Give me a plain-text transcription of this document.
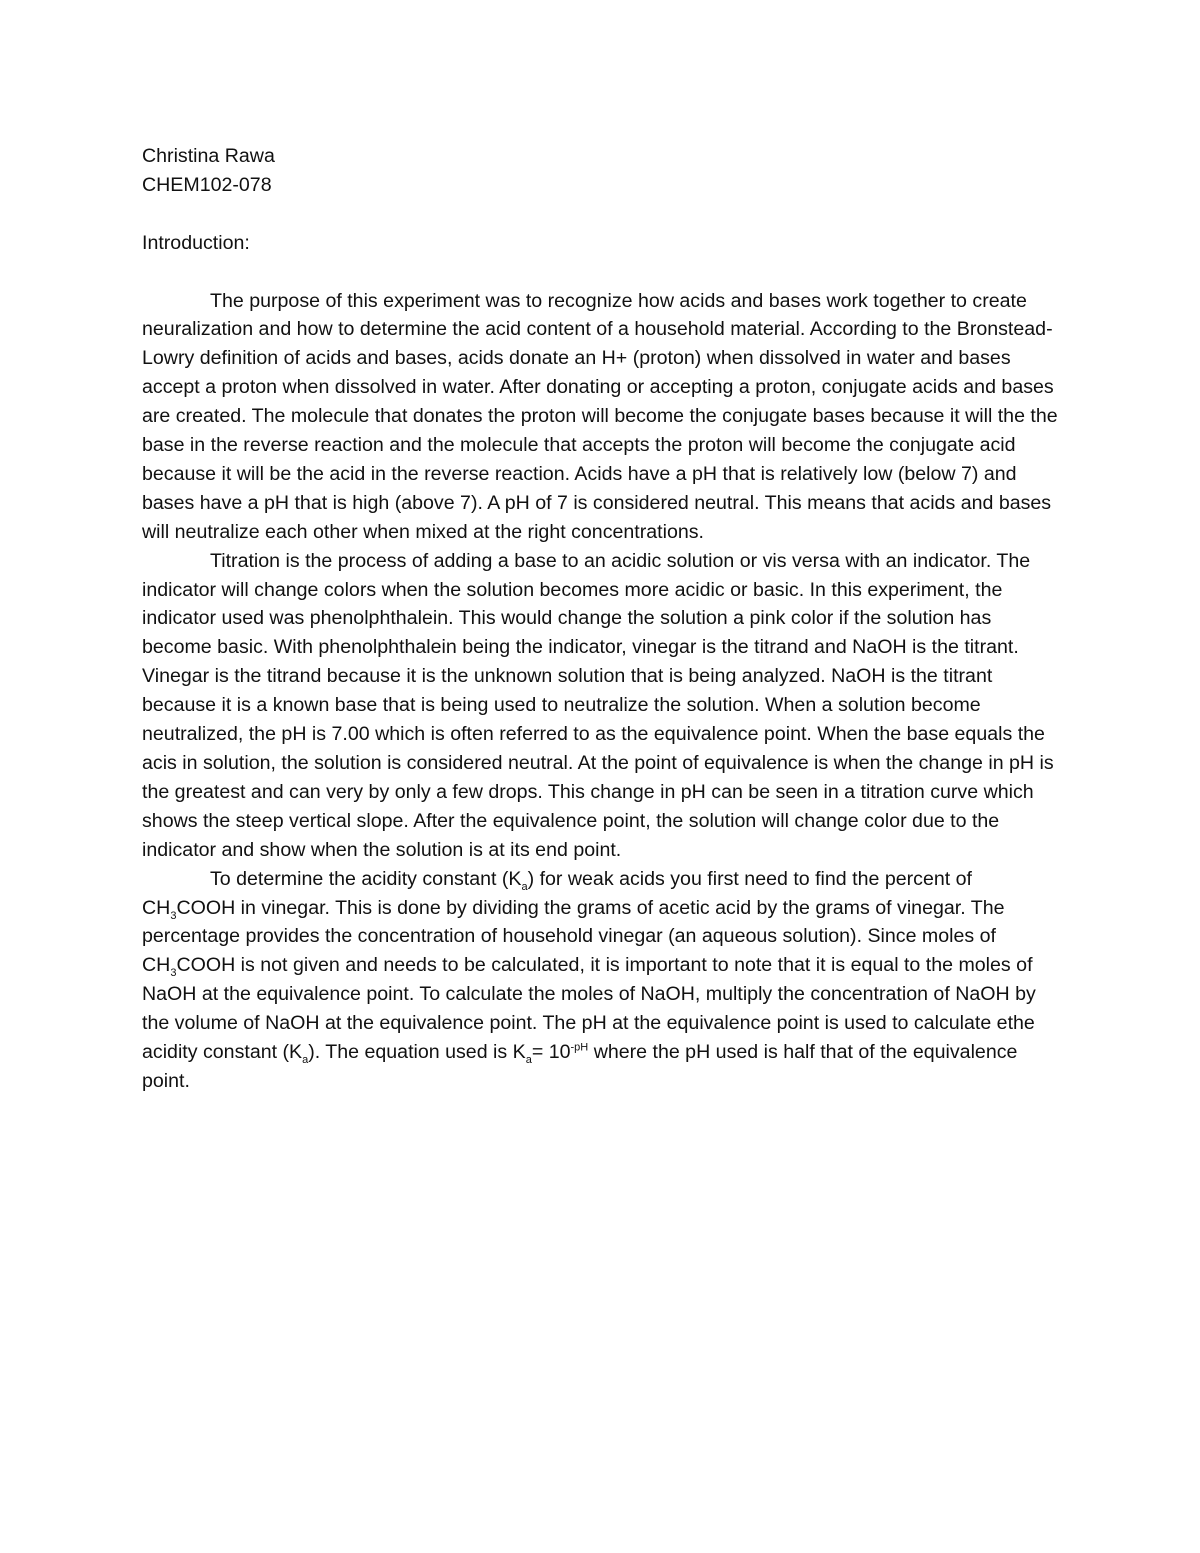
Christina Rawa

CHEM102-078

Introduction:

The purpose of this experiment was to recognize how acids and bases work together to create neuralization and how to determine the acid content of a household material. According to the Bronstead-Lowry definition of acids and bases, acids donate an H+ (proton) when dissolved in water and bases accept a proton when dissolved in water. After donating or accepting a proton, conjugate acids and bases are created. The molecule that donates the proton will become the conjugate bases because it will the the base in the reverse reaction and the molecule that accepts the proton will become the conjugate acid because it will be the acid in the reverse reaction. Acids have a pH that is relatively low (below 7) and bases have a pH that is high (above 7). A pH of 7 is considered neutral. This means that acids and bases will neutralize each other when mixed at the right concentrations.

Titration is the process of adding a base to an acidic solution or vis versa with an indicator. The indicator will change colors when the solution becomes more acidic or basic. In this experiment, the indicator used was phenolphthalein. This would change the solution a pink color if the solution has become basic. With phenolphthalein being the indicator, vinegar is the titrand and NaOH is the titrant. Vinegar is the titrand because it is the unknown solution that is being analyzed. NaOH is the titrant because it is a known base that is being used to neutralize the solution. When a solution become neutralized, the pH is 7.00 which is often referred to as the equivalence point. When the base equals the acis in solution, the solution is considered neutral. At the point of equivalence is when the change in pH is the greatest and can very by only a few drops. This change in pH can be seen in a titration curve which shows the steep vertical slope. After the equivalence point, the solution will change color due to the indicator and show when the solution is at its end point.

To determine the acidity constant $(K_a)$ for weak acids you first need to find the percent of $CH_3COOH$ in vinegar. This is done by dividing the grams of acetic acid by the grams of vinegar. The percentage provides the concentration of household vinegar (an aqueous solution). Since moles of $CH_3COOH$ is not given and needs to be calculated, it is important to note that it is equal to the moles of NaOH at the equivalence point. To calculate the moles of NaOH, multiply the concentration of NaOH by the volume of NaOH at the equivalence point. The pH at the equivalence point is used to calculate ethe acidity constant $(K_a)$. The equation used is $K_a= 10^{-pH}$ where the pH used is half that of the equivalence point.
